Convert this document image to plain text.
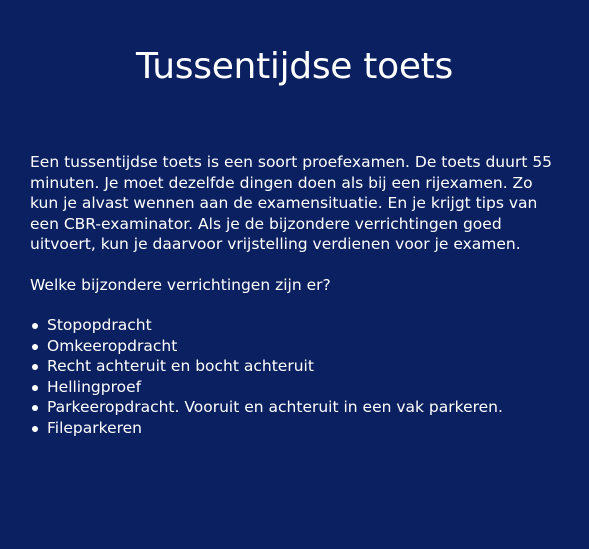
Tussentijdse toets

Een tussentijdse toets is een soort proefexamen. De toets duurt 55 minuten. Je moet dezelfde dingen doen als bij een rijexamen. Zo kun je alvast wennen aan de examensituatie. En je krijgt tips van een CBR-examinator. Als je de bijzondere verrichtingen goed uitvoert, kun je daarvoor vrijstelling verdienen voor je examen.

Welke bijzondere verrichtingen zijn er?

Stopopdracht
Omkeeropdracht
Recht achteruit en bocht achteruit
Hellingproef
Parkeeropdracht. Vooruit en achteruit in een vak parkeren.
Fileparkeren
